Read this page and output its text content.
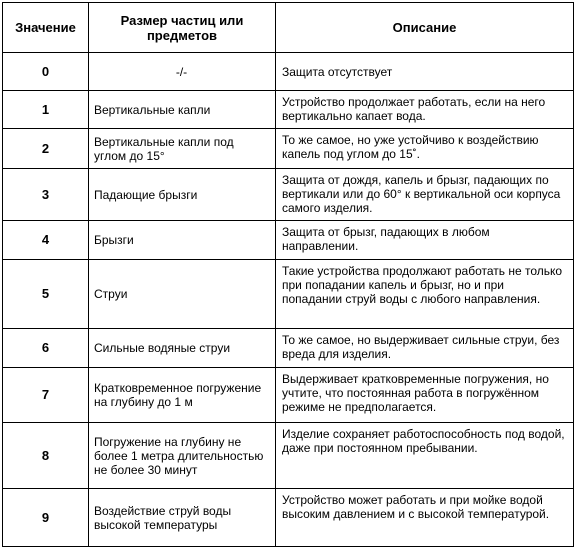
Значение	Размер частиц или предметов	Описание
0	-/-	Защита отсутствует
1	Вертикальные капли	Устройство продолжает работать, если на него вертикально капает вода.
2	Вертикальные капли под углом до 15°	То же самое, но уже устойчиво к воздействию капель под углом до 15˚.
3	Падающие брызги	Защита от дождя, капель и брызг, падающих по вертикали или до 60° к вертикальной оси корпуса самого изделия.
4	Брызги	Защита от брызг, падающих в любом направлении.
5	Струи	Такие устройства продолжают работать не только при попадании капель и брызг, но и при попадании струй воды с любого направления.
6	Сильные водяные струи	То же самое, но выдерживает сильные струи, без вреда для изделия.
7	Кратковременное погружение на глубину до 1 м	Выдерживает кратковременные погружения, но учтите, что постоянная работа в погружённом режиме не предполагается.
8	Погружение на глубину не более 1 метра длительностью не более 30 минут	Изделие сохраняет работоспособность под водой, даже при постоянном пребывании.
9	Воздействие струй воды высокой температуры	Устройство может работать и при мойке водой высоким давлением и с высокой температурой.
